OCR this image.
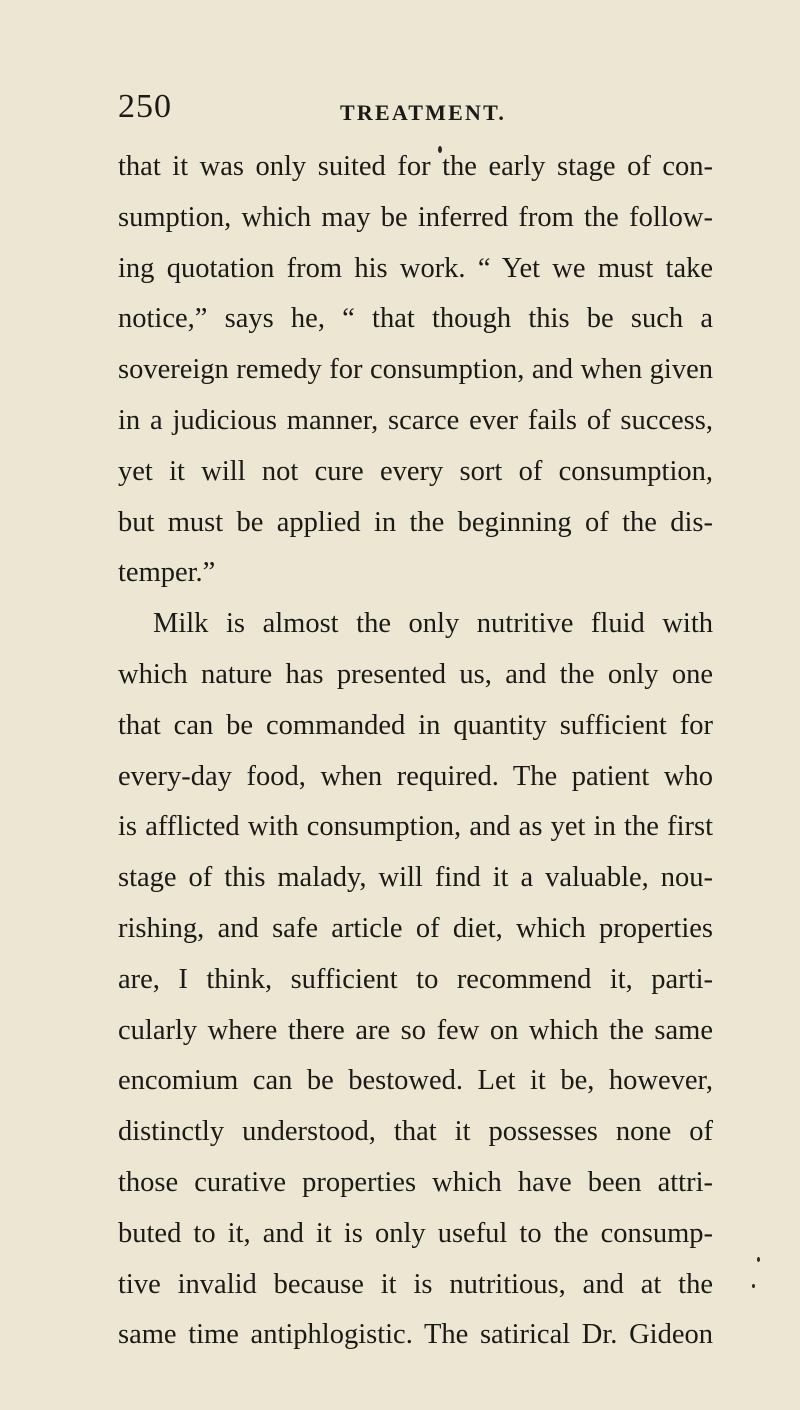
250	TREATMENT.
that it was only suited for the early stage of con-
sumption, which may be inferred from the follow-
ing quotation from his work. “ Yet we must take
notice,” says he, “ that though this be such a
sovereign remedy for consumption, and when given
in a judicious manner, scarce ever fails of success,
yet it will not cure every sort of consumption,
but must be applied in the beginning of the dis-
temper.”
Milk is almost the only nutritive fluid with
which nature has presented us, and the only one
that can be commanded in quantity sufficient for
every-day food, when required. The patient who
is afflicted with consumption, and as yet in the first
stage of this malady, will find it a valuable, nou-
rishing, and safe article of diet, which properties
are, I think, sufficient to recommend it, parti-
cularly where there are so few on which the same
encomium can be bestowed. Let it be, however,
distinctly understood, that it possesses none of
those curative properties which have been attri-
buted to it, and it is only useful to the consump-
tive invalid because it is nutritious, and at the
same time antiphlogistic. The satirical Dr. Gideon
